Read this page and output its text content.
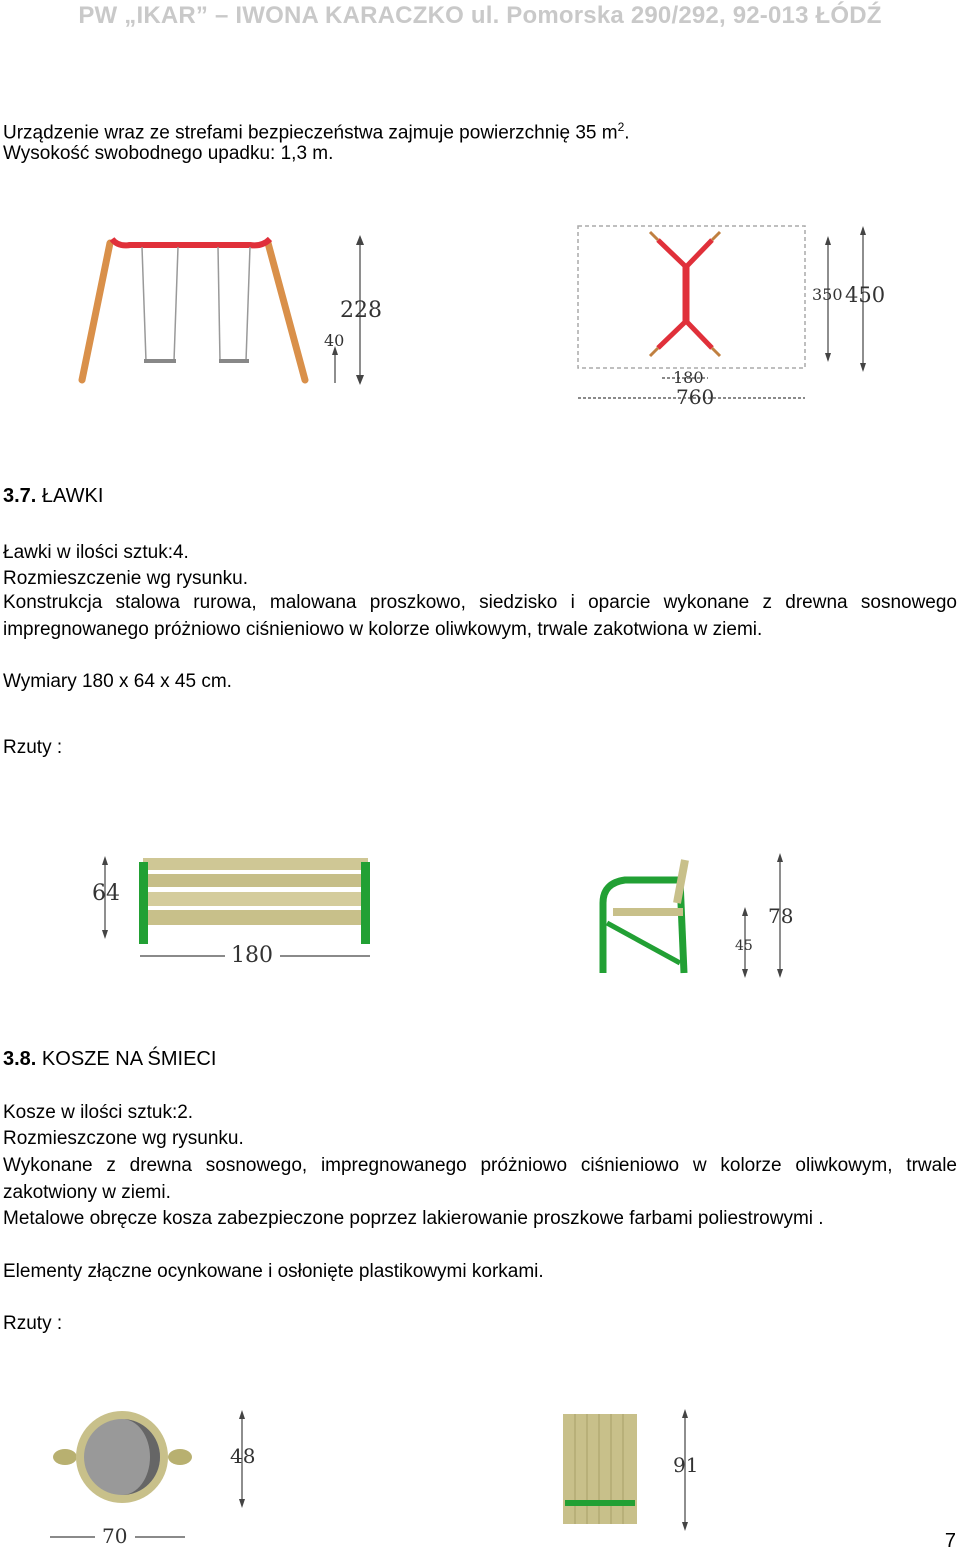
PW „IKAR” – IWONA KARACZKO ul. Pomorska 290/292, 92-013 ŁÓDŹ
Urządzenie wraz ze strefami bezpieczeństwa zajmuje powierzchnię 35 $m^2$.
Wysokość swobodnego upadku: 1,3 m.
228
40
350 450
180
760
3.7. ŁAWKI
Ławki w ilości sztuk:4.
Rozmieszczenie wg rysunku.
Konstrukcja stalowa rurowa, malowana proszkowo, siedzisko i oparcie wykonane z drewna sosnowego impregnowanego próżniowo ciśnieniowo w kolorze oliwkowym, trwale zakotwiona w ziemi.
Wymiary 180 x 64 x 45 cm.
Rzuty :
64
180
78
45
3.8. KOSZE NA ŚMIECI
Kosze w ilości sztuk:2.
Rozmieszczone wg rysunku.
Wykonane z drewna sosnowego, impregnowanego próżniowo ciśnieniowo w kolorze oliwkowym, trwale zakotwiony w ziemi.
Metalowe obręcze kosza zabezpieczone poprzez lakierowanie proszkowe farbami poliestrowymi .
Elementy złączne ocynkowane i osłonięte plastikowymi korkami.
Rzuty :
48
70
91
7
